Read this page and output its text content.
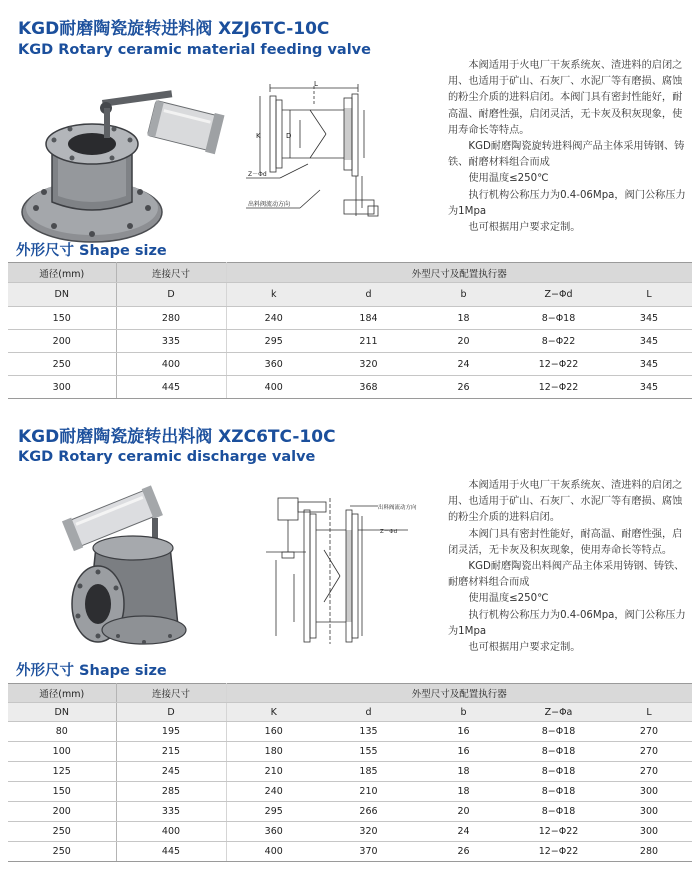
KGD耐磨陶瓷旋转进料阀 XZJ6TC-10C
KGD Rotary ceramic material feeding valve
L
K	D
Z－Φd
出料阀流动方向

本阀适用于火电厂干灰系统灰、渣进料的启闭之用、也适用于矿山、石灰厂、水泥厂等有磨损、腐蚀的粉尘介质的进料启闭。本阀门具有密封性能好，耐高温、耐磨性强，启闭灵活，无卡灰及积灰现象，使用寿命长等特点。

KGD耐磨陶瓷旋转进料阀产品主体采用铸钢、铸铁、耐磨材料组合而成

使用温度≤250℃

执行机构公称压力为0.4-06Mpa，阀门公称压力为1Mpa

也可根据用户要求定制。

外形尺寸 Shape size
通径(mm)	连接尺寸	外型尺寸及配置执行器				
DN	D	k	d	b	Z−Φd	L
150	280	240	184	18	8−Φ18	345
200	335	295	211	20	8−Φ22	345
250	400	360	320	24	12−Φ22	345
300	445	400	368	26	12−Φ22	345
KGD耐磨陶瓷旋转出料阀 XZC6TC-10C
KGD Rotary ceramic discharge valve
出料阀流动方向
Z－Φd

本阀适用于火电厂干灰系统灰、渣进料的启闭之用、也适用于矿山、石灰厂、水泥厂等有磨损、腐蚀的粉尘介质的进料启闭。

本阀门具有密封性能好，耐高温、耐磨性强，启闭灵活，无卡灰及积灰现象，使用寿命长等特点。

KGD耐磨陶瓷出料阀产品主体采用铸钢、铸铁、耐磨材料组合而成

使用温度≤250℃

执行机构公称压力为0.4-06Mpa，阀门公称压力为1Mpa

也可根据用户要求定制。

外形尺寸 Shape size
通径(mm)	连接尺寸	外型尺寸及配置执行器				
DN	D	K	d	b	Z−Φa	L
80	195	160	135	16	8−Φ18	270
100	215	180	155	16	8−Φ18	270
125	245	210	185	18	8−Φ18	270
150	285	240	210	18	8−Φ18	300
200	335	295	266	20	8−Φ18	300
250	400	360	320	24	12−Φ22	300
250	445	400	370	26	12−Φ22	280
